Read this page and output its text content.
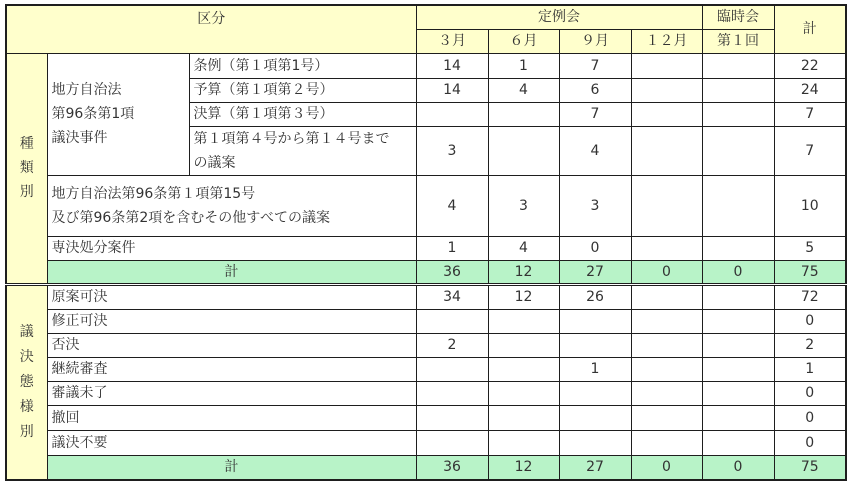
区分			定例会				臨時会	計
			３月	６月	９月	１２月	第１回	

種類別	地方自治法
第96条第1項
議決事件	条例（第１項第1号）	14	1	7			22
		予算（第１項第２号）	14	4	6			24
		決算（第１項第３号）			7			7

		第１項第４号から第１４号まで
の議案	3		4			7

	地方自治法第96条第１項第15号
及び第96条第2項を含むその他すべての議案		4	3	3			10
	専決処分案件		1	4	0			5
	計		36	12	27	0	0	75

議決態様別	原案可決		34	12	26			72
	修正可決							0
	否決		2					2
	継続審査				1			1
	審議未了							0
	撤回							0
	議決不要							0
	計		36	12	27	0	0	75
